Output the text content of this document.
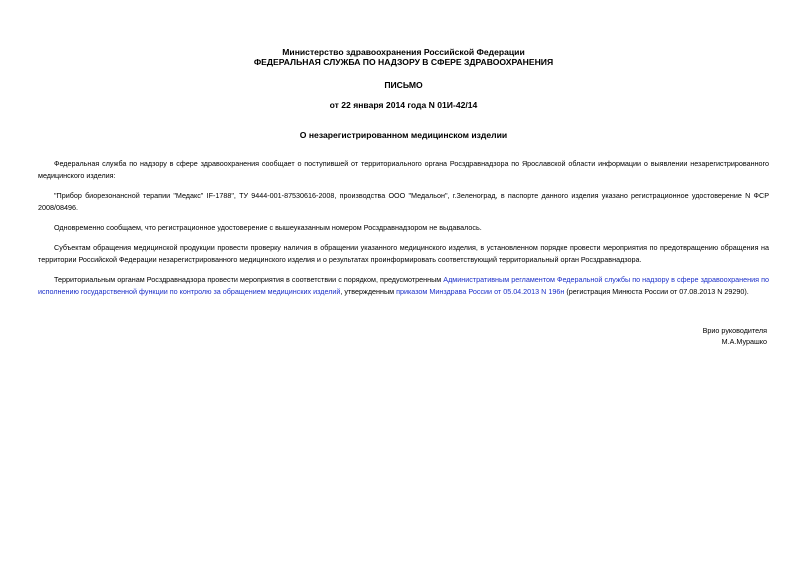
Министерство здравоохранения Российской Федерации
ФЕДЕРАЛЬНАЯ СЛУЖБА ПО НАДЗОРУ В СФЕРЕ ЗДРАВООХРАНЕНИЯ
ПИСЬМО
от 22 января 2014 года N 01И-42/14
О незарегистрированном медицинском изделии
Федеральная служба по надзору в сфере здравоохранения сообщает о поступившей от территориального органа Росздравнадзора по Ярославской области информации о выявлении незарегистрированного медицинского изделия:
"Прибор биорезонансной терапии "Медакс" IF-1788", ТУ 9444-001-87530616-2008, производства ООО "Медальон", г.Зеленоград, в паспорте данного изделия указано регистрационное удостоверение N ФСР 2008/08496.
Одновременно сообщаем, что регистрационное удостоверение с вышеуказанным номером Росздравнадзором не выдавалось.
Субъектам обращения медицинской продукции провести проверку наличия в обращении указанного медицинского изделия, в установленном порядке провести мероприятия по предотвращению обращения на территории Российской Федерации незарегистрированного медицинского изделия и о результатах проинформировать соответствующий территориальный орган Росздравнадзора.
Территориальным органам Росздравнадзора провести мероприятия в соответствии с порядком, предусмотренным Административным регламентом Федеральной службы по надзору в сфере здравоохранения по исполнению государственной функции по контролю за обращением медицинских изделий, утвержденным приказом Минздрава России от 05.04.2013 N 196н (регистрация Минюста России от 07.08.2013 N 29290).
Врио руководителя
М.А.Мурашко
